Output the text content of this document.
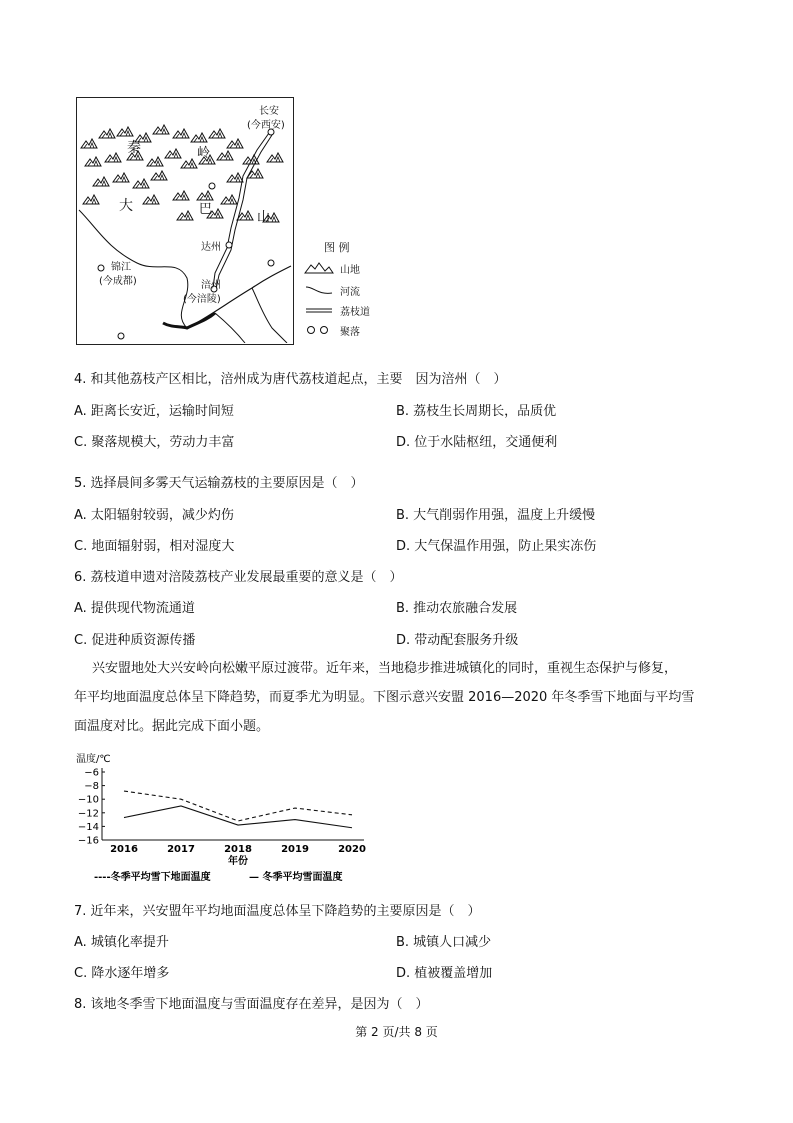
长安
(今西安)
秦	岭
大	巴
山
达州
锦江
(今成都)	涪州
(今涪陵)
图 例
山地
河流
荔枝道
聚落
4. 和其他荔枝产区相比，涪州成为唐代荔枝道起点，主要　因为涪州（　）
A. 距离长安近，运输时间短	B. 荔枝生长周期长，品质优
C. 聚落规模大，劳动力丰富	D. 位于水陆枢纽，交通便利
5. 选择晨间多雾天气运输荔枝的主要原因是（　）
A. 太阳辐射较弱，减少灼伤	B. 大气削弱作用强，温度上升缓慢
C. 地面辐射弱，相对湿度大	D. 大气保温作用强，防止果实冻伤
6. 荔枝道申遗对涪陵荔枝产业发展最重要的意义是（　）
A. 提供现代物流通道	B. 推动农旅融合发展
C. 促进种质资源传播	D. 带动配套服务升级
兴安盟地处大兴安岭向松嫩平原过渡带。近年来，当地稳步推进城镇化的同时，重视生态保护与修复，
年平均地面温度总体呈下降趋势，而夏季尤为明显。下图示意兴安盟 2016—2020 年冬季雪下地面与平均雪
面温度对比。据此完成下面小题。
温度/℃
−6
−8
−10
−12
−14
−16
2016	2017	2018	2019	2020
年份
----冬季平均雪下地面温度	— 冬季平均雪面温度
7. 近年来，兴安盟年平均地面温度总体呈下降趋势的主要原因是（　）
A. 城镇化率提升	B. 城镇人口减少
C. 降水逐年增多	D. 植被覆盖增加
8. 该地冬季雪下地面温度与雪面温度存在差异，是因为（　）
第 2 页/共 8 页
